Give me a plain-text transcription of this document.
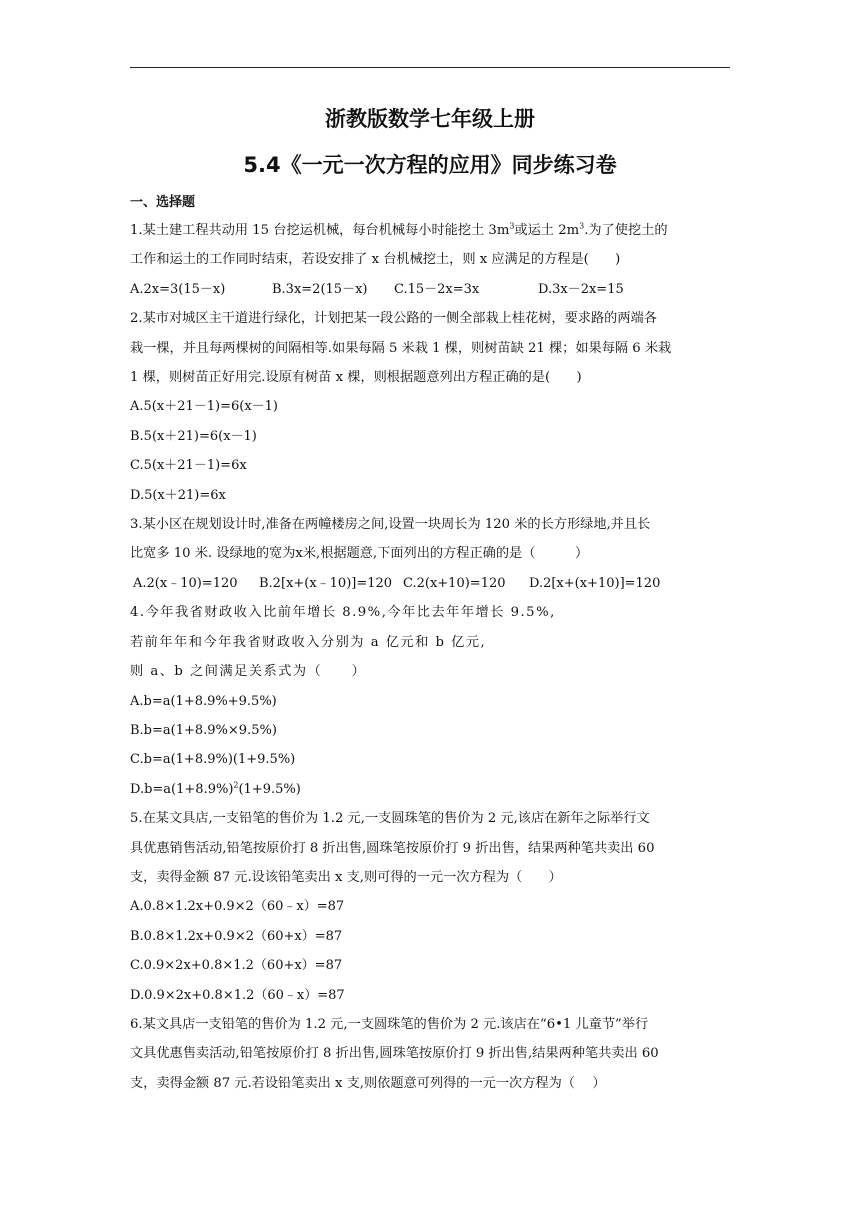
浙教版数学七年级上册

5.4《一元一次方程的应用》同步练习卷

一、选择题

1.某土建工程共动用 15 台挖运机械，每台机械每小时能挖土 $3m^3$或运土 $2m^3$.为了使挖土的

工作和运土的工作同时结束，若设安排了 x 台机械挖土，则 x 应满足的方程是(　　)

A.2x=3(15－x)	B.3x=2(15－x)	C.15－2x=3x	D.3x－2x=15

2.某市对城区主干道进行绿化，计划把某一段公路的一侧全部栽上桂花树，要求路的两端各

栽一棵，并且每两棵树的间隔相等.如果每隔 5 米栽 1 棵，则树苗缺 21 棵；如果每隔 6 米栽

1 棵，则树苗正好用完.设原有树苗 x 棵，则根据题意列出方程正确的是(　　)

A.5(x＋21－1)=6(x－1)

B.5(x＋21)=6(x－1)

C.5(x＋21－1)=6x

D.5(x＋21)=6x

3.某小区在规划设计时,准备在两幢楼房之间,设置一块周长为 120 米的长方形绿地,并且长

比宽多 10 米. 设绿地的宽为x米,根据题意,下面列出的方程正确的是（　　　）

A.2(x﹣10)=120	B.2[x+(x﹣10)]=120 C.2(x+10)=120	D.2[x+(x+10)]=120

4.今年我省财政收入比前年增长 8.9%,今年比去年年增长 9.5%,

若前年年和今年我省财政收入分别为 a 亿元和 b 亿元,

则 a、b 之间满足关系式为（　　）

A.b=a(1+8.9%+9.5%)

B.b=a(1+8.9%×9.5%)

C.b=a(1+8.9%)(1+9.5%)

$D.b=a(1+8.9\%)^2(1+9.5\%)$

5.在某文具店,一支铅笔的售价为 1.2 元,一支圆珠笔的售价为 2 元,该店在新年之际举行文

具优惠销售活动,铅笔按原价打 8 折出售,圆珠笔按原价打 9 折出售，结果两种笔共卖出 60

支，卖得金额 87 元.设该铅笔卖出 x 支,则可得的一元一次方程为（　　）

A.0.8×1.2x+0.9×2（60﹣x）=87

B.0.8×1.2x+0.9×2（60+x）=87

C.0.9×2x+0.8×1.2（60+x）=87

D.0.9×2x+0.8×1.2（60﹣x）=87

6.某文具店一支铅笔的售价为 1.2 元,一支圆珠笔的售价为 2 元.该店在“6•1 儿童节”举行

文具优惠售卖活动,铅笔按原价打 8 折出售,圆珠笔按原价打 9 折出售,结果两种笔共卖出 60

支，卖得金额 87 元.若设铅笔卖出 x 支,则依题意可列得的一元一次方程为（　 ）
